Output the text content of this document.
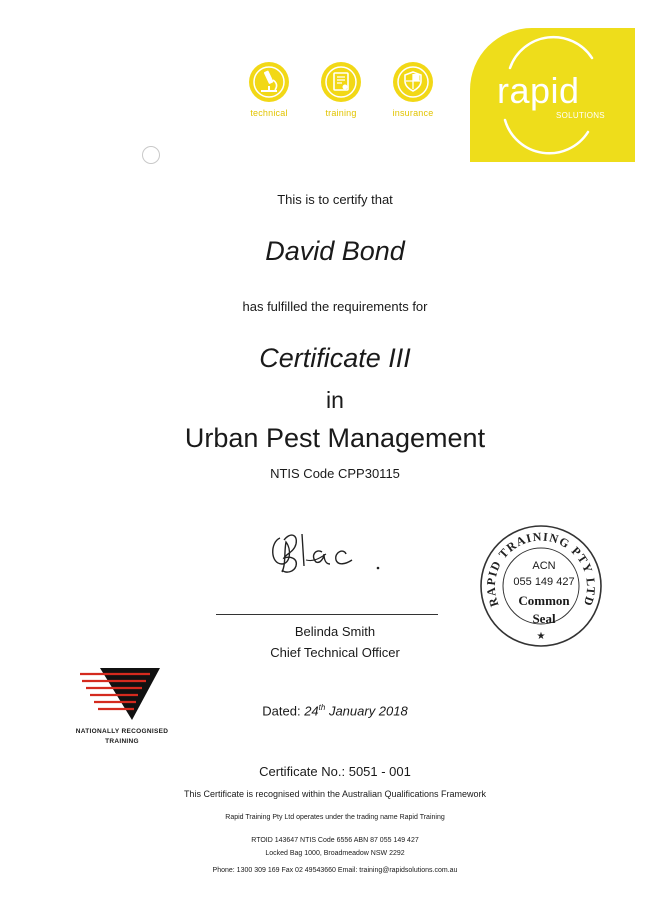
technical	training	insurance
rapid
SOLUTIONS
This is to certify that
David Bond
has fulfilled the requirements for
Certificate III
in
Urban Pest Management
NTIS Code CPP30115
Belinda Smith
Chief Technical Officer
RAPID TRAINING PTY LTD
★
ACN
055 149 427
Common
Seal
NATIONALLY RECOGNISED
TRAINING
Dated: 24th January 2018
Certificate No.: 5051 - 001
This Certificate is recognised within the Australian Qualifications Framework
Rapid Training Pty Ltd operates under the trading name Rapid Training
RTOID 143647 NTIS Code 6556 ABN 87 055 149 427
Locked Bag 1000, Broadmeadow NSW 2292
Phone: 1300 309 169 Fax 02 49543660 Email: training@rapidsolutions.com.au
